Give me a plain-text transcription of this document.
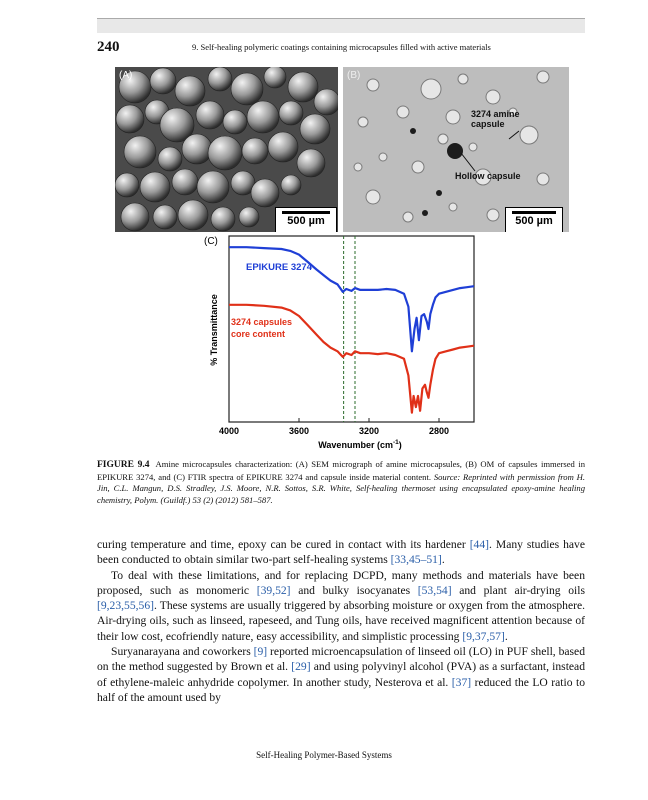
240	9. Self-healing polymeric coatings containing microcapsules filled with active materials
(A)
500 µm
(B)
3274 amine
capsule
Hollow capsule
500 µm
(C)
4000	3600	3200	2800
EPIKURE 3274
3274 capsules
core content
% Transmittance
Wavenumber $(cm^{-1})$
FIGURE 9.4 Amine microcapsules characterization: (A) SEM micrograph of amine microcapsules, (B) OM of capsules immersed in EPIKURE 3274, and (C) FTIR spectra of EPIKURE 3274 and capsule inside material content. Source: Reprinted with permission from H. Jin, C.L. Mangun, D.S. Stradley, J.S. Moore, N.R. Sottos, S.R. White, Self-healing thermoset using encapsulated epoxy-amine healing chemistry, Polym. (Guildf.) 53 (2) (2012) 581–587.

curing temperature and time, epoxy can be cured in contact with its hardener [44]. Many studies have been conducted to obtain similar two-part self-healing systems [33,45–51].

To deal with these limitations, and for replacing DCPD, many methods and materials have been proposed, such as monomeric [39,52] and bulky isocyanates [53,54] and plant air-drying oils [9,23,55,56]. These systems are usually triggered by absorbing moisture or oxygen from the atmosphere. Air-drying oils, such as linseed, rapeseed, and Tung oils, have received magnificent attention because of their low cost, ecofriendly nature, easy accessibility, and simplistic processing [9,37,57].

Suryanarayana and coworkers [9] reported microencapsulation of linseed oil (LO) in PUF shell, based on the method suggested by Brown et al. [29] and using polyvinyl alcohol (PVA) as a surfactant, instead of ethylene-maleic anhydride copolymer. In another study, Nesterova et al. [37] reduced the LO ratio to half of the amount used by

Self-Healing Polymer-Based Systems
